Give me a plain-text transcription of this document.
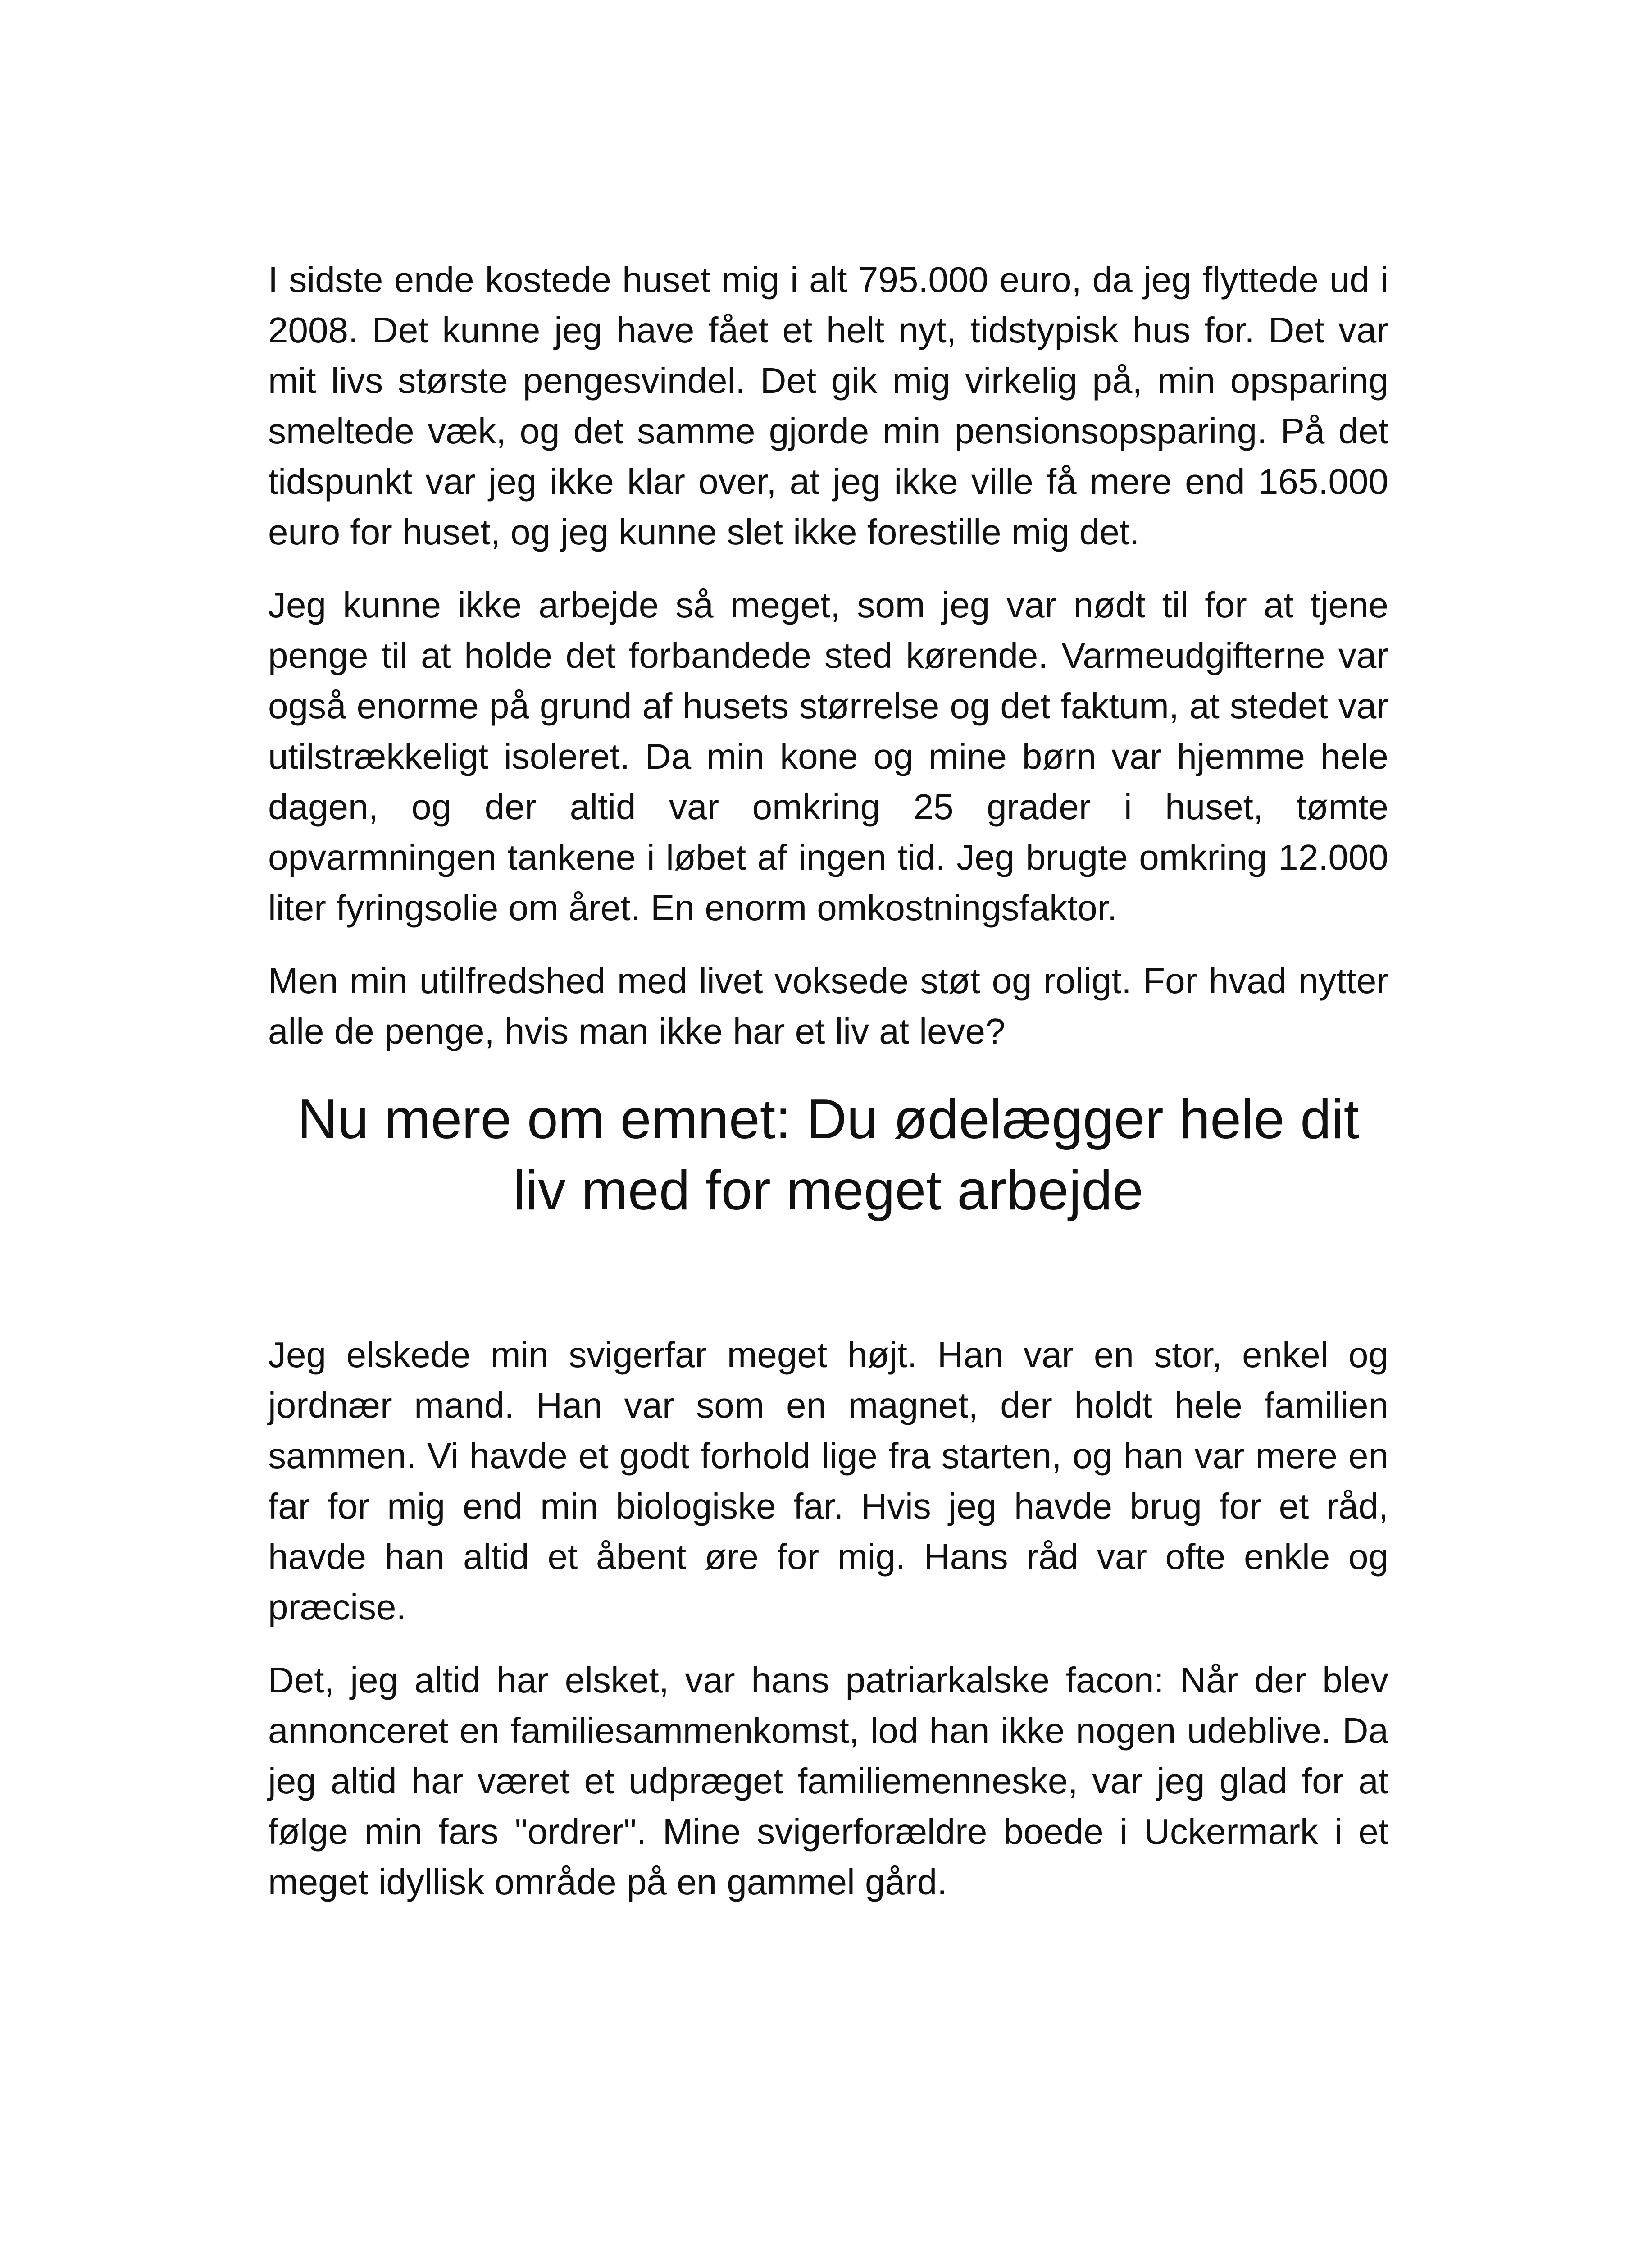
I sidste ende kostede huset mig i alt 795.000 euro, da jeg flyttede ud i 2008. Det kunne jeg have fået et helt nyt, tidstypisk hus for. Det var mit livs største pengesvindel. Det gik mig virkelig på, min opsparing smeltede væk, og det samme gjorde min pensionsopsparing. På det tidspunkt var jeg ikke klar over, at jeg ikke ville få mere end 165.000 euro for huset, og jeg kunne slet ikke forestille mig det.

Jeg kunne ikke arbejde så meget, som jeg var nødt til for at tjene penge til at holde det forbandede sted kørende. Varmeudgifterne var også enorme på grund af husets størrelse og det faktum, at stedet var utilstrækkeligt isoleret. Da min kone og mine børn var hjemme hele dagen, og der altid var omkring 25 grader i huset, tømte opvarmningen tankene i løbet af ingen tid. Jeg brugte omkring 12.000 liter fyringsolie om året. En enorm omkostningsfaktor.

Men min utilfredshed med livet voksede støt og roligt. For hvad nytter alle de penge, hvis man ikke har et liv at leve?

Nu mere om emnet: Du ødelægger hele dit liv med for meget arbejde

Jeg elskede min svigerfar meget højt. Han var en stor, enkel og jordnær mand. Han var som en magnet, der holdt hele familien sammen. Vi havde et godt forhold lige fra starten, og han var mere en far for mig end min biologiske far. Hvis jeg havde brug for et råd, havde han altid et åbent øre for mig. Hans råd var ofte enkle og præcise.

Det, jeg altid har elsket, var hans patriarkalske facon: Når der blev annonceret en familiesammenkomst, lod han ikke nogen udeblive. Da jeg altid har været et udpræget familiemenneske, var jeg glad for at følge min fars "ordrer". Mine svigerforældre boede i Uckermark i et meget idyllisk område på en gammel gård.
